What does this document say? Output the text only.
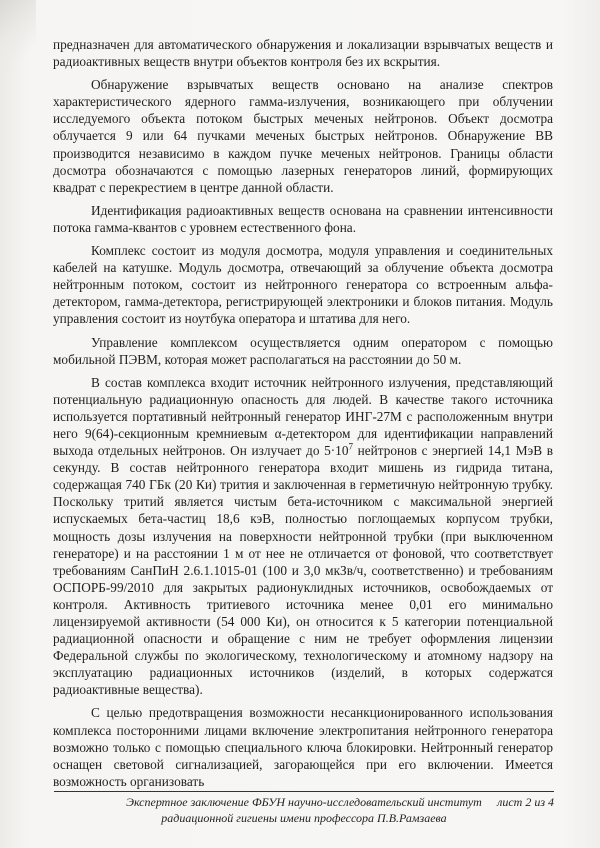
предназначен для автоматического обнаружения и локализации взрывчатых веществ и радиоактивных веществ внутри объектов контроля без их вскрытия.

Обнаружение взрывчатых веществ основано на анализе спектров характеристического ядерного гамма-излучения, возникающего при облучении исследуемого объекта потоком быстрых меченых нейтронов. Объект досмотра облучается 9 или 64 пучками меченых быстрых нейтронов. Обнаружение ВВ производится независимо в каждом пучке меченых нейтронов. Границы области досмотра обозначаются с помощью лазерных генераторов линий, формирующих квадрат с перекрестием в центре данной области.

Идентификация радиоактивных веществ основана на сравнении интенсивности потока гамма-квантов с уровнем естественного фона.

Комплекс состоит из модуля досмотра, модуля управления и соединительных кабелей на катушке. Модуль досмотра, отвечающий за облучение объекта досмотра нейтронным потоком, состоит из нейтронного генератора со встроенным альфа-детектором, гамма-детектора, регистрирующей электроники и блоков питания. Модуль управления состоит из ноутбука оператора и штатива для него.

Управление комплексом осуществляется одним оператором с помощью мобильной ПЭВМ, которая может располагаться на расстоянии до 50 м.

В состав комплекса входит источник нейтронного излучения, представляющий потенциальную радиационную опасность для людей. В качестве такого источника используется портативный нейтронный генератор ИНГ-27М с расположенным внутри него 9(64)-секционным кремниевым α-детектором для идентификации направлений выхода отдельных нейтронов. Он излучает до $5\cdot 10^7$ нейтронов с энергией 14,1 МэВ в секунду. В состав нейтронного генератора входит мишень из гидрида титана, содержащая 740 ГБк (20 Ки) трития и заключенная в герметичную нейтронную трубку. Поскольку тритий является чистым бета-источником с максимальной энергией испускаемых бета-частиц 18,6 кэВ, полностью поглощаемых корпусом трубки, мощность дозы излучения на поверхности нейтронной трубки (при выключенном генераторе) и на расстоянии 1 м от нее не отличается от фоновой, что соответствует требованиям СанПиН 2.6.1.1015-01 (100 и 3,0 мкЗв/ч, соответственно) и требованиям ОСПОРБ-99/2010 для закрытых радионуклидных источников, освобождаемых от контроля. Активность тритиевого источника менее 0,01 его минимально лицензируемой активности (54 000 Ки), он относится к 5 категории потенциальной радиационной опасности и обращение с ним не требует оформления лицензии Федеральной службы по экологическому, технологическому и атомному надзору на эксплуатацию радиационных источников (изделий, в которых содержатся радиоактивные вещества).

С целью предотвращения возможности несанкционированного использования комплекса посторонними лицами включение электропитания нейтронного генератора возможно только с помощью специального ключа блокировки. Нейтронный генератор оснащен световой сигнализацией, загорающейся при его включении. Имеется возможность организовать

Экспертное заключение ФБУН научно-исследовательский институт
радиационной гигиены имени профессора П.В.Рамзаева
лист 2 из 4
